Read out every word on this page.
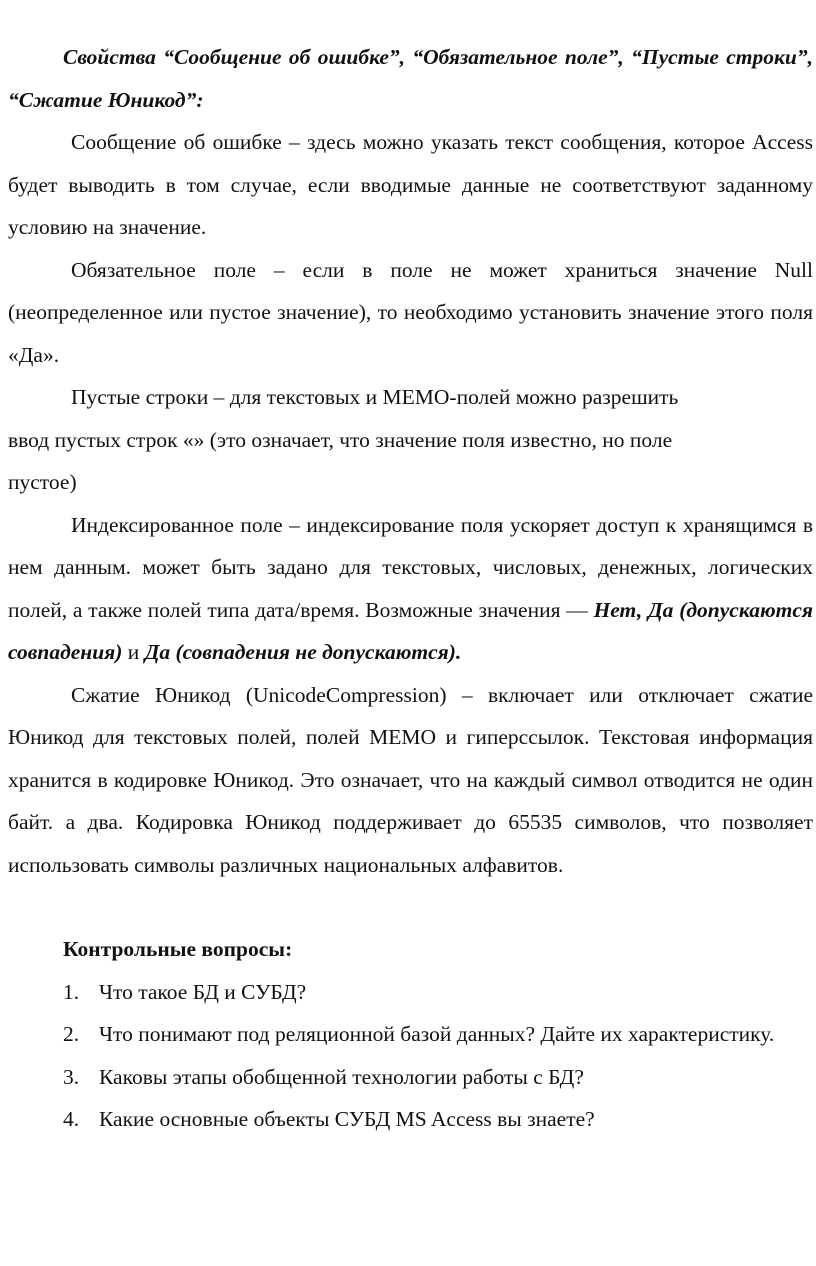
Свойства “Сообщение об ошибке”, “Обязательное поле”, “Пустые строки”, “Сжатие Юникод”:

Сообщение об ошибке – здесь можно указать текст сообщения, которое Access будет выводить в том случае, если вводимые данные не соответствуют заданному условию на значение.

Обязательное поле – если в поле не может храниться значение Null (неопределенное или пустое значение), то необходимо установить значение этого поля «Да».

Пустые строки – для текстовых и МЕМО-полей можно разрешить

ввод пустых строк «» (это означает, что значение поля известно, но поле

пустое)

Индексированное поле – индексирование поля ускоряет доступ к хранящимся в нем данным. может быть задано для текстовых, числовых, денежных, логических полей, а также полей типа дата/время. Возможные значения — Нет, Да (допускаются совпадения) и Да (совпадения не допускаются).

Сжатие Юникод (UnicodeCompression) – включает или отключает сжатие Юникод для текстовых полей, полей МЕМО и гиперссылок. Текстовая информация хранится в кодировке Юникод. Это означает, что на каждый символ отводится не один байт. а два. Кодировка Юникод поддерживает до 65535 символов, что позволяет использовать символы различных национальных алфавитов.

Контрольные вопросы:

1. Что такое БД и СУБД?

2. Что понимают под реляционной базой данных? Дайте их характеристику.

3. Каковы этапы обобщенной технологии работы с БД?
4. Какие основные объекты СУБД MS Access вы знаете?
